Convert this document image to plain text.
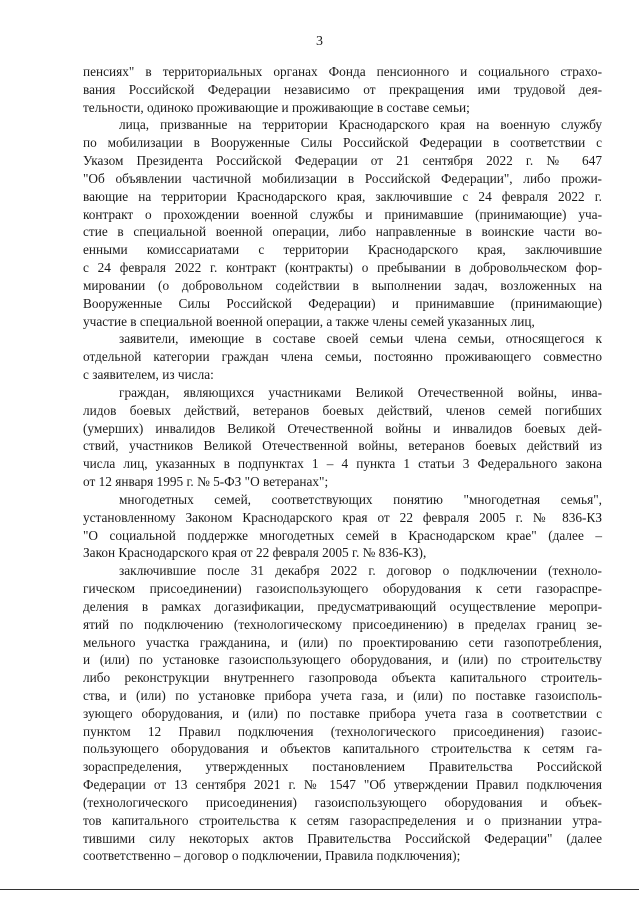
3
пенсиях" в территориальных органах Фонда пенсионного и социального страхо-
вания Российской Федерации независимо от прекращения ими трудовой дея-
тельности, одиноко проживающие и проживающие в составе семьи;
лица, призванные на территории Краснодарского края на военную службу
по мобилизации в Вооруженные Силы Российской Федерации в соответствии с
Указом Президента Российской Федерации от 21 сентября 2022 г. № 647
"Об объявлении частичной мобилизации в Российской Федерации", либо прожи-
вающие на территории Краснодарского края, заключившие с 24 февраля 2022 г.
контракт о прохождении военной службы и принимавшие (принимающие) уча-
стие в специальной военной операции, либо направленные в воинские части во-
енными комиссариатами с территории Краснодарского края, заключившие
с 24 февраля 2022 г. контракт (контракты) о пребывании в добровольческом фор-
мировании (о добровольном содействии в выполнении задач, возложенных на
Вооруженные Силы Российской Федерации) и принимавшие (принимающие)
участие в специальной военной операции, а также члены семей указанных лиц,
заявители, имеющие в составе своей семьи члена семьи, относящегося к
отдельной категории граждан члена семьи, постоянно проживающего совместно
с заявителем, из числа:
граждан, являющихся участниками Великой Отечественной войны, инва-
лидов боевых действий, ветеранов боевых действий, членов семей погибших
(умерших) инвалидов Великой Отечественной войны и инвалидов боевых дей-
ствий, участников Великой Отечественной войны, ветеранов боевых действий из
числа лиц, указанных в подпунктах 1 – 4 пункта 1 статьи 3 Федерального закона
от 12 января 1995 г. № 5-ФЗ "О ветеранах";
многодетных семей, соответствующих понятию "многодетная семья",
установленному Законом Краснодарского края от 22 февраля 2005 г. № 836-КЗ
"О социальной поддержке многодетных семей в Краснодарском крае" (далее –
Закон Краснодарского края от 22 февраля 2005 г. № 836-КЗ),
заключившие после 31 декабря 2022 г. договор о подключении (техноло-
гическом присоединении) газоиспользующего оборудования к сети газораспре-
деления в рамках догазификации, предусматривающий осуществление меропри-
ятий по подключению (технологическому присоединению) в пределах границ зе-
мельного участка гражданина, и (или) по проектированию сети газопотребления,
и (или) по установке газоиспользующего оборудования, и (или) по строительству
либо реконструкции внутреннего газопровода объекта капитального строитель-
ства, и (или) по установке прибора учета газа, и (или) по поставке газоисполь-
зующего оборудования, и (или) по поставке прибора учета газа в соответствии с
пунктом 12 Правил подключения (технологического присоединения) газоис-
пользующего оборудования и объектов капитального строительства к сетям га-
зораспределения, утвержденных постановлением Правительства Российской
Федерации от 13 сентября 2021 г. № 1547 "Об утверждении Правил подключения
(технологического присоединения) газоиспользующего оборудования и объек-
тов капитального строительства к сетям газораспределения и о признании утра-
тившими силу некоторых актов Правительства Российской Федерации" (далее
соответственно – договор о подключении, Правила подключения);
